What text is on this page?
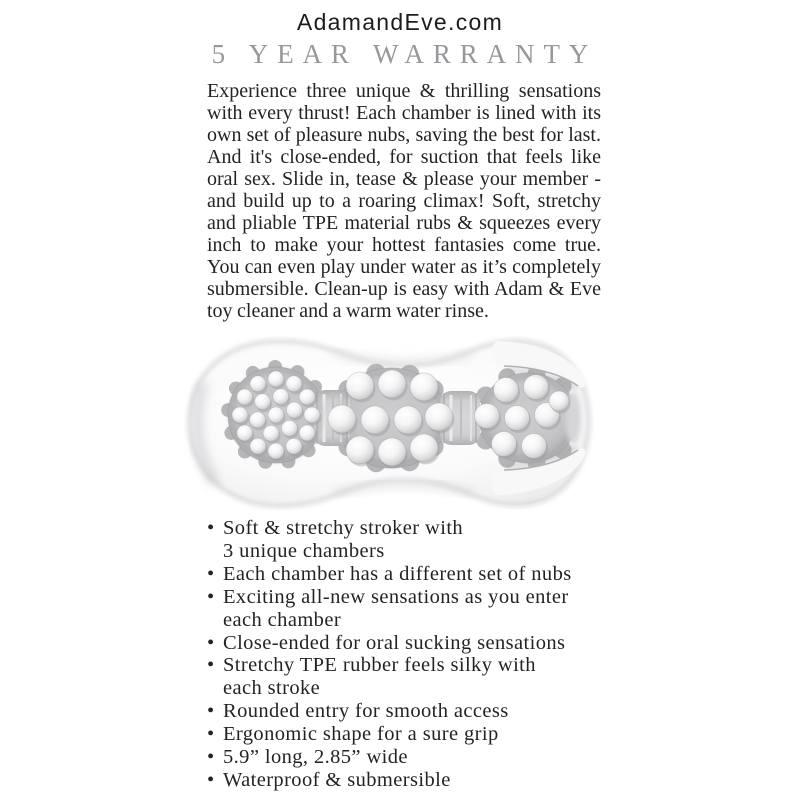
AdamandEve.com
5 YEAR WARRANTY
Experience three unique & thrilling sensations
with every thrust! Each chamber is lined with its
own set of pleasure nubs, saving the best for last.
And it's close-ended, for suction that feels like
oral sex. Slide in, tease & please your member -
and build up to a roaring climax! Soft, stretchy
and pliable TPE material rubs & squeezes every
inch to make your hottest fantasies come true.
You can even play under water as it’s completely
submersible. Clean-up is easy with Adam & Eve
toy cleaner and a warm water rinse.
• Soft & stretchy stroker with
3 unique chambers
• Each chamber has a different set of nubs
• Exciting all-new sensations as you enter
each chamber
• Close-ended for oral sucking sensations
• Stretchy TPE rubber feels silky with
each stroke
• Rounded entry for smooth access
• Ergonomic shape for a sure grip
• 5.9” long, 2.85” wide
• Waterproof & submersible
